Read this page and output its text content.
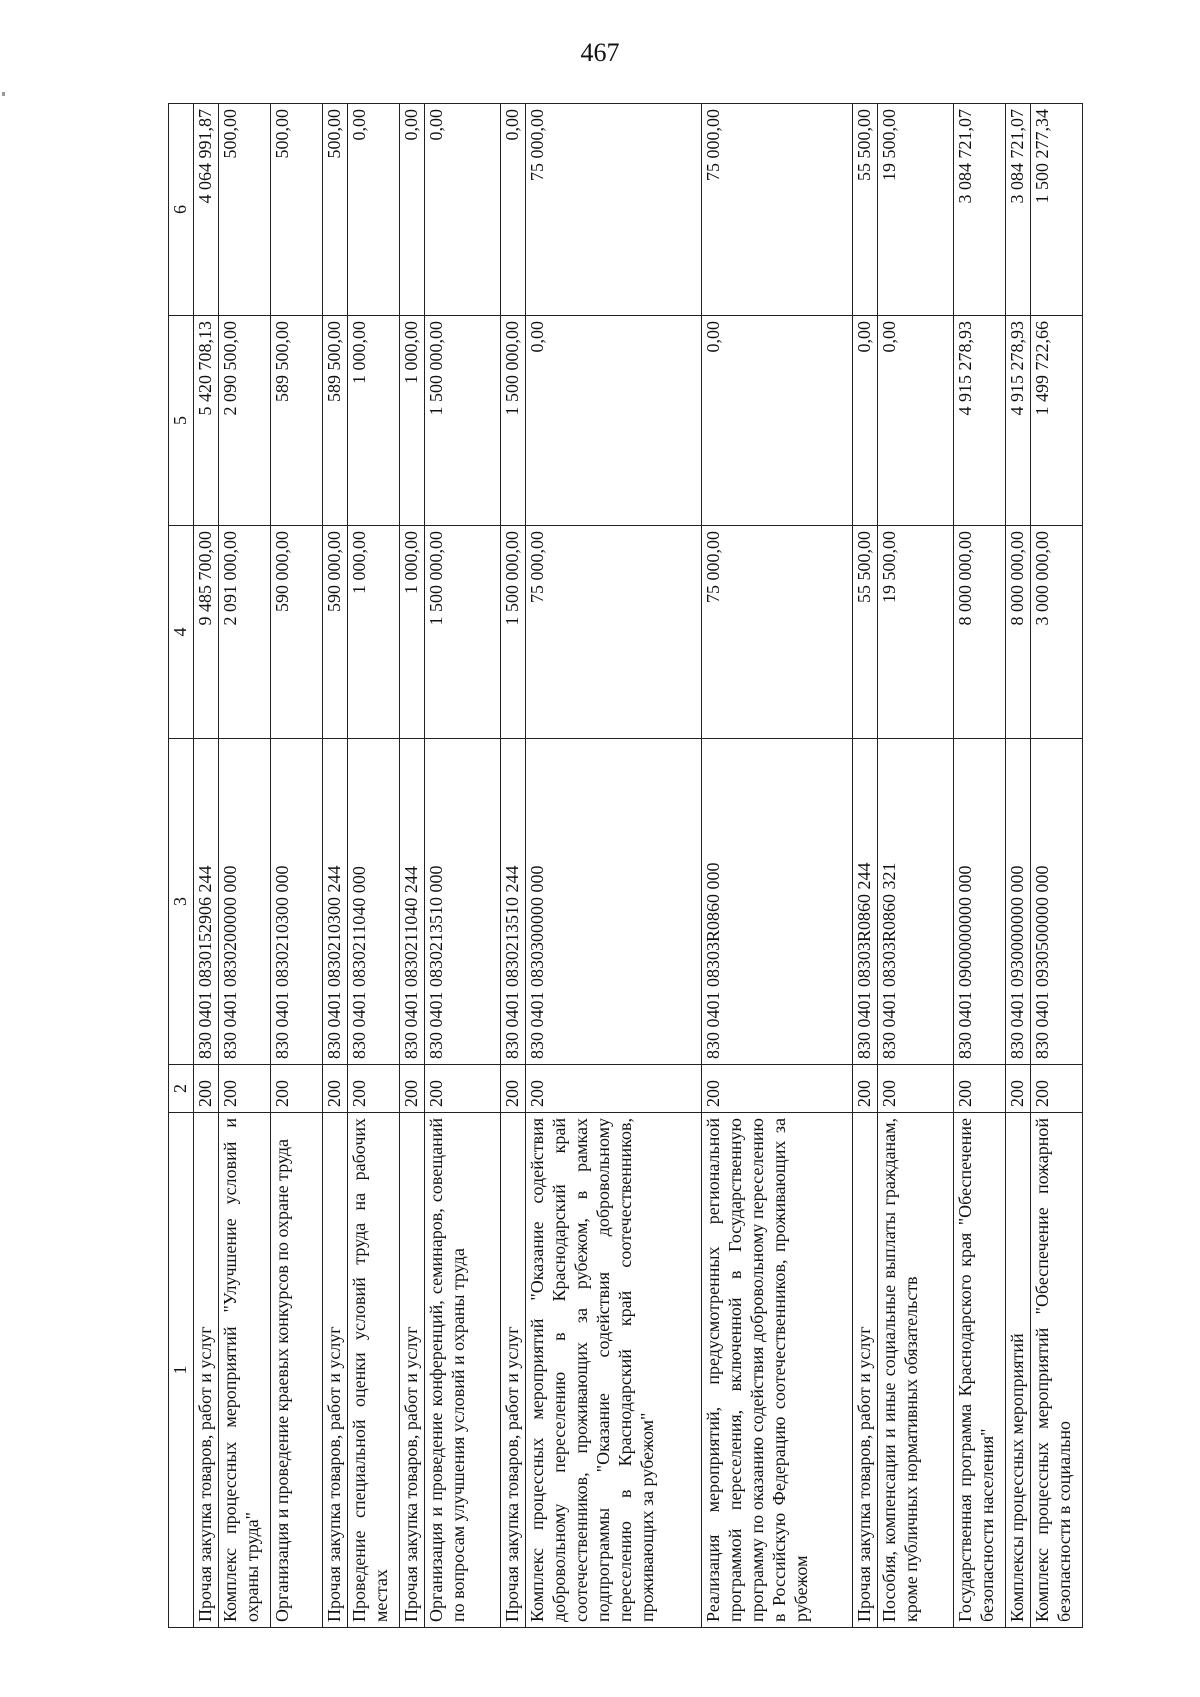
467
1	2	3	4	5	6
Прочая закупка товаров, работ и услуг	200	830 0401 0830152906 244	9 485 700,00	5 420 708,13	4 064 991,87
Комплекс процессных мероприятий "Улучшение условий и охраны труда"	200	830 0401 0830200000 000	2 091 000,00	2 090 500,00	500,00
Организация и проведение краевых конкурсов по охране труда	200	830 0401 0830210300 000	590 000,00	589 500,00	500,00
Прочая закупка товаров, работ и услуг	200	830 0401 0830210300 244	590 000,00	589 500,00	500,00
Проведение специальной оценки условий труда на рабочих местах	200	830 0401 0830211040 000	1 000,00	1 000,00	0,00
Прочая закупка товаров, работ и услуг	200	830 0401 0830211040 244	1 000,00	1 000,00	0,00
Организация и проведение конференций, семинаров, совещаний по вопросам улучшения условий и охраны труда	200	830 0401 0830213510 000	1 500 000,00	1 500 000,00	0,00
Прочая закупка товаров, работ и услуг	200	830 0401 0830213510 244	1 500 000,00	1 500 000,00	0,00
Комплекс процессных мероприятий "Оказание содействия добровольному переселению в Краснодарский край соотечественников, проживающих за рубежом, в рамках подпрограммы "Оказание содействия добровольному переселению в Краснодарский край соотечественников, проживающих за рубежом"	200	830 0401 0830300000 000	75 000,00	0,00	75 000,00
Реализация мероприятий, предусмотренных региональной программой переселения, включенной в Государственную программу по оказанию содействия добровольному переселению в Российскую Федерацию соотечественников, проживающих за рубежом	200	830 0401 08303R0860 000	75 000,00	0,00	75 000,00
Прочая закупка товаров, работ и услуг	200	830 0401 08303R0860 244	55 500,00	0,00	55 500,00
Пособия, компенсации и иные социальные выплаты гражданам, кроме публичных нормативных обязательств	200	830 0401 08303R0860 321	19 500,00	0,00	19 500,00
Государственная программа Краснодарского края "Обеспечение безопасности населения"	200	830 0401 0900000000 000	8 000 000,00	4 915 278,93	3 084 721,07
Комплексы процессных мероприятий	200	830 0401 0930000000 000	8 000 000,00	4 915 278,93	3 084 721,07
Комплекс процессных мероприятий "Обеспечение пожарной безопасности в социально	200	830 0401 0930500000 000	3 000 000,00	1 499 722,66	1 500 277,34
